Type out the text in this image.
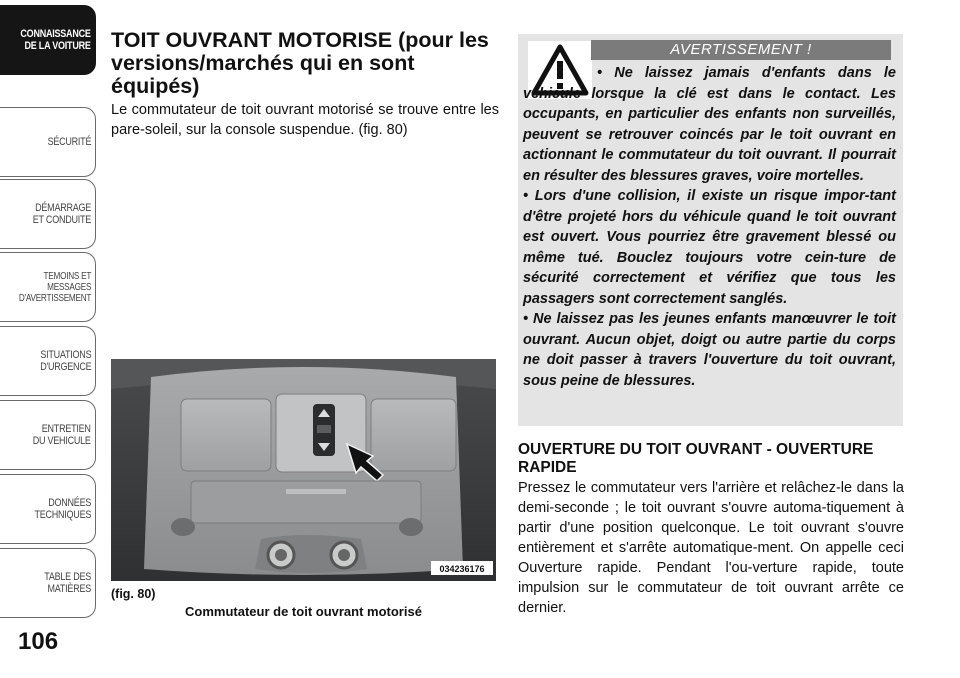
CONNAISSANCE
DE LA VOITURE
SÉCURITÉ
DÉMARRAGE
ET CONDUITE
TEMOINS ET
MESSAGES
D'AVERTISSEMENT
SITUATIONS
D'URGENCE
ENTRETIEN
DU VEHICULE
DONNÉES
TECHNIQUES
TABLE DES
MATIÈRES
106
TOIT OUVRANT MOTORISE (pour les versions/marchés qui en sont équipés)

Le commutateur de toit ouvrant motorisé se trouve entre les pare-soleil, sur la console suspendue. (fig. 80)

034236176
(fig. 80)
Commutateur de toit ouvrant motorisé
AVERTISSEMENT !

• Ne laissez jamais d'enfants dans le véhicule lorsque la clé est dans le contact. Les occupants, en particulier des enfants non surveillés, peuvent se retrouver coincés par le toit ouvrant en actionnant le commutateur du toit ouvrant. Il pourrait en résulter des blessures graves, voire mortelles.

• Lors d'une collision, il existe un risque impor-tant d'être projeté hors du véhicule quand le toit ouvrant est ouvert. Vous pourriez être gravement blessé ou même tué. Bouclez toujours votre cein-ture de sécurité correctement et vérifiez que tous les passagers sont correctement sanglés.

• Ne laissez pas les jeunes enfants manœuvrer le toit ouvrant. Aucun objet, doigt ou autre partie du corps ne doit passer à travers l'ouverture du toit ouvrant, sous peine de blessures.

OUVERTURE DU TOIT OUVRANT - OUVERTURE RAPIDE

Pressez le commutateur vers l'arrière et relâchez-le dans la demi-seconde ; le toit ouvrant s'ouvre automa-tiquement à partir d'une position quelconque. Le toit ouvrant s'ouvre entièrement et s'arrête automatique-ment. On appelle ceci Ouverture rapide. Pendant l'ou-verture rapide, toute impulsion sur le commutateur de toit ouvrant arrête ce dernier.
